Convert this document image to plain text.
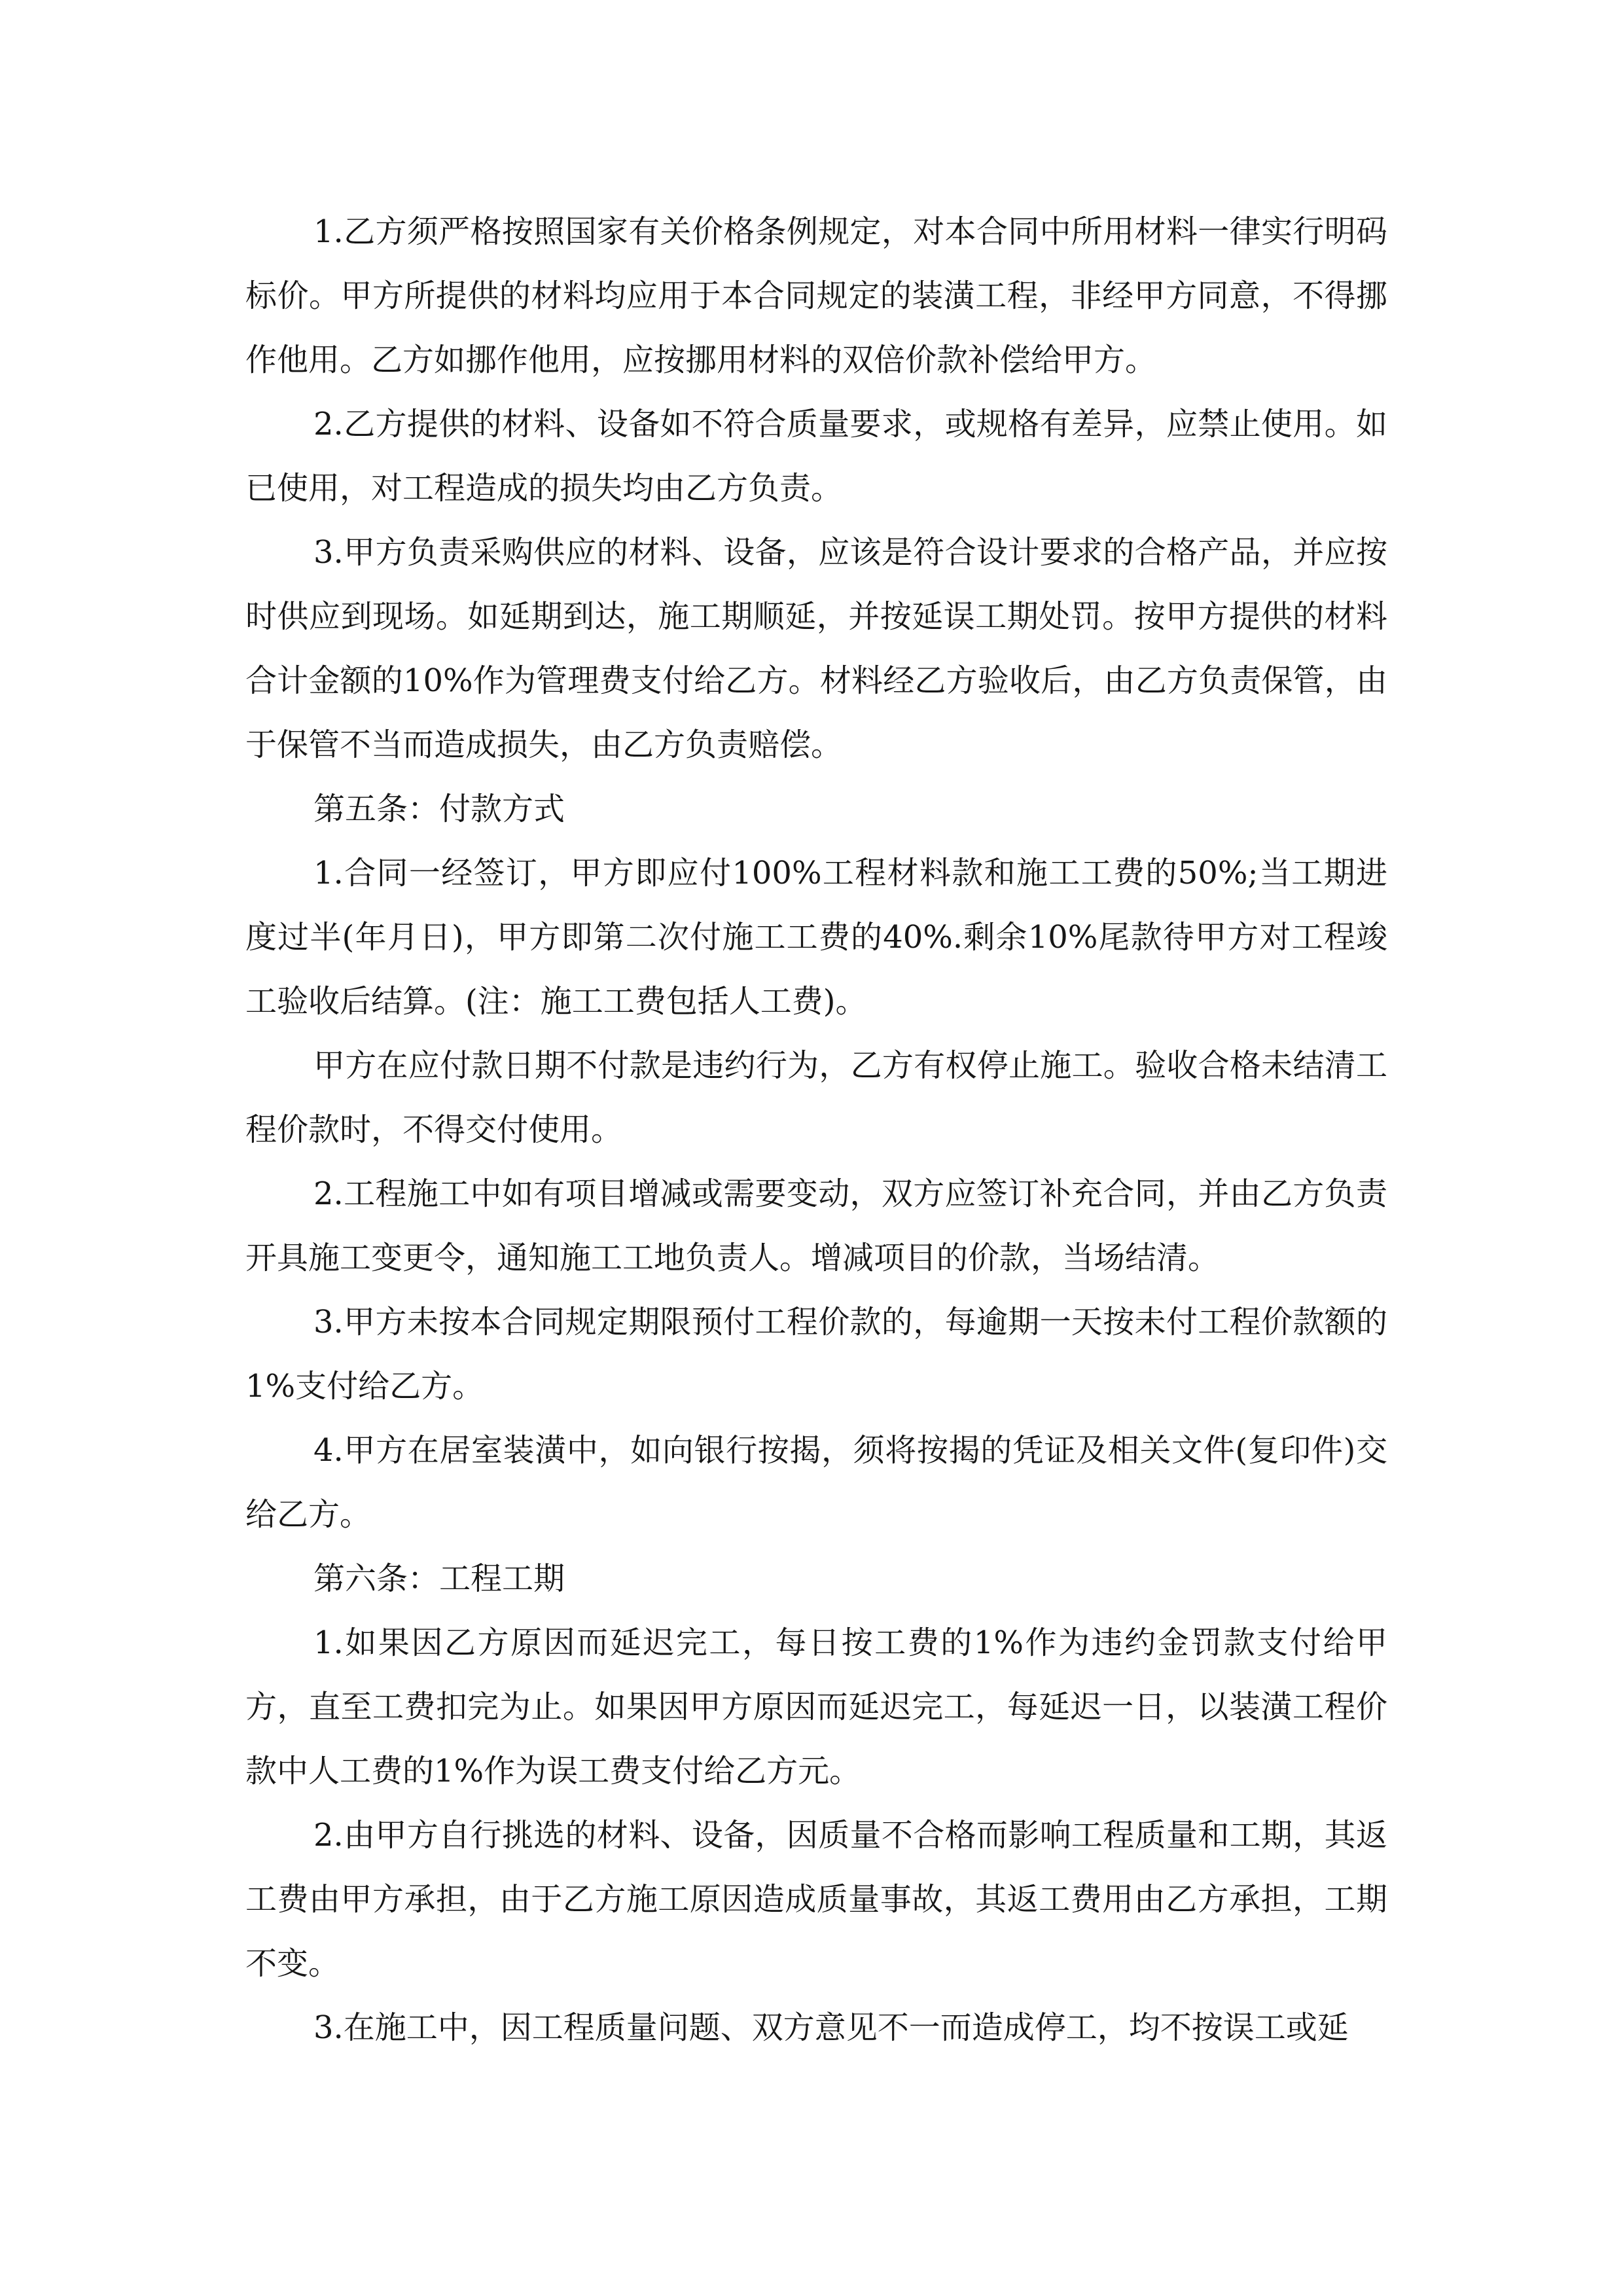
1.乙方须严格按照国家有关价格条例规定，对本合同中所用材料一律实行明码标价。甲方所提供的材料均应用于本合同规定的装潢工程，非经甲方同意，不得挪作他用。乙方如挪作他用，应按挪用材料的双倍价款补偿给甲方。

2.乙方提供的材料、设备如不符合质量要求，或规格有差异，应禁止使用。如已使用，对工程造成的损失均由乙方负责。

3.甲方负责采购供应的材料、设备，应该是符合设计要求的合格产品，并应按时供应到现场。如延期到达，施工期顺延，并按延误工期处罚。按甲方提供的材料合计金额的10%作为管理费支付给乙方。材料经乙方验收后，由乙方负责保管，由于保管不当而造成损失，由乙方负责赔偿。

第五条：付款方式

1.合同一经签订，甲方即应付100%工程材料款和施工工费的50%;当工期进度过半(年月日)，甲方即第二次付施工工费的40%.剩余10%尾款待甲方对工程竣工验收后结算。(注：施工工费包括人工费)。

甲方在应付款日期不付款是违约行为，乙方有权停止施工。验收合格未结清工程价款时，不得交付使用。

2.工程施工中如有项目增减或需要变动，双方应签订补充合同，并由乙方负责开具施工变更令，通知施工工地负责人。增减项目的价款，当场结清。

3.甲方未按本合同规定期限预付工程价款的，每逾期一天按未付工程价款额的1%支付给乙方。

4.甲方在居室装潢中，如向银行按揭，须将按揭的凭证及相关文件(复印件)交给乙方。

第六条：工程工期

1.如果因乙方原因而延迟完工，每日按工费的1%作为违约金罚款支付给甲方，直至工费扣完为止。如果因甲方原因而延迟完工，每延迟一日，以装潢工程价款中人工费的1%作为误工费支付给乙方元。

2.由甲方自行挑选的材料、设备，因质量不合格而影响工程质量和工期，其返工费由甲方承担，由于乙方施工原因造成质量事故，其返工费用由乙方承担，工期不变。

3.在施工中，因工程质量问题、双方意见不一而造成停工，均不按误工或延
